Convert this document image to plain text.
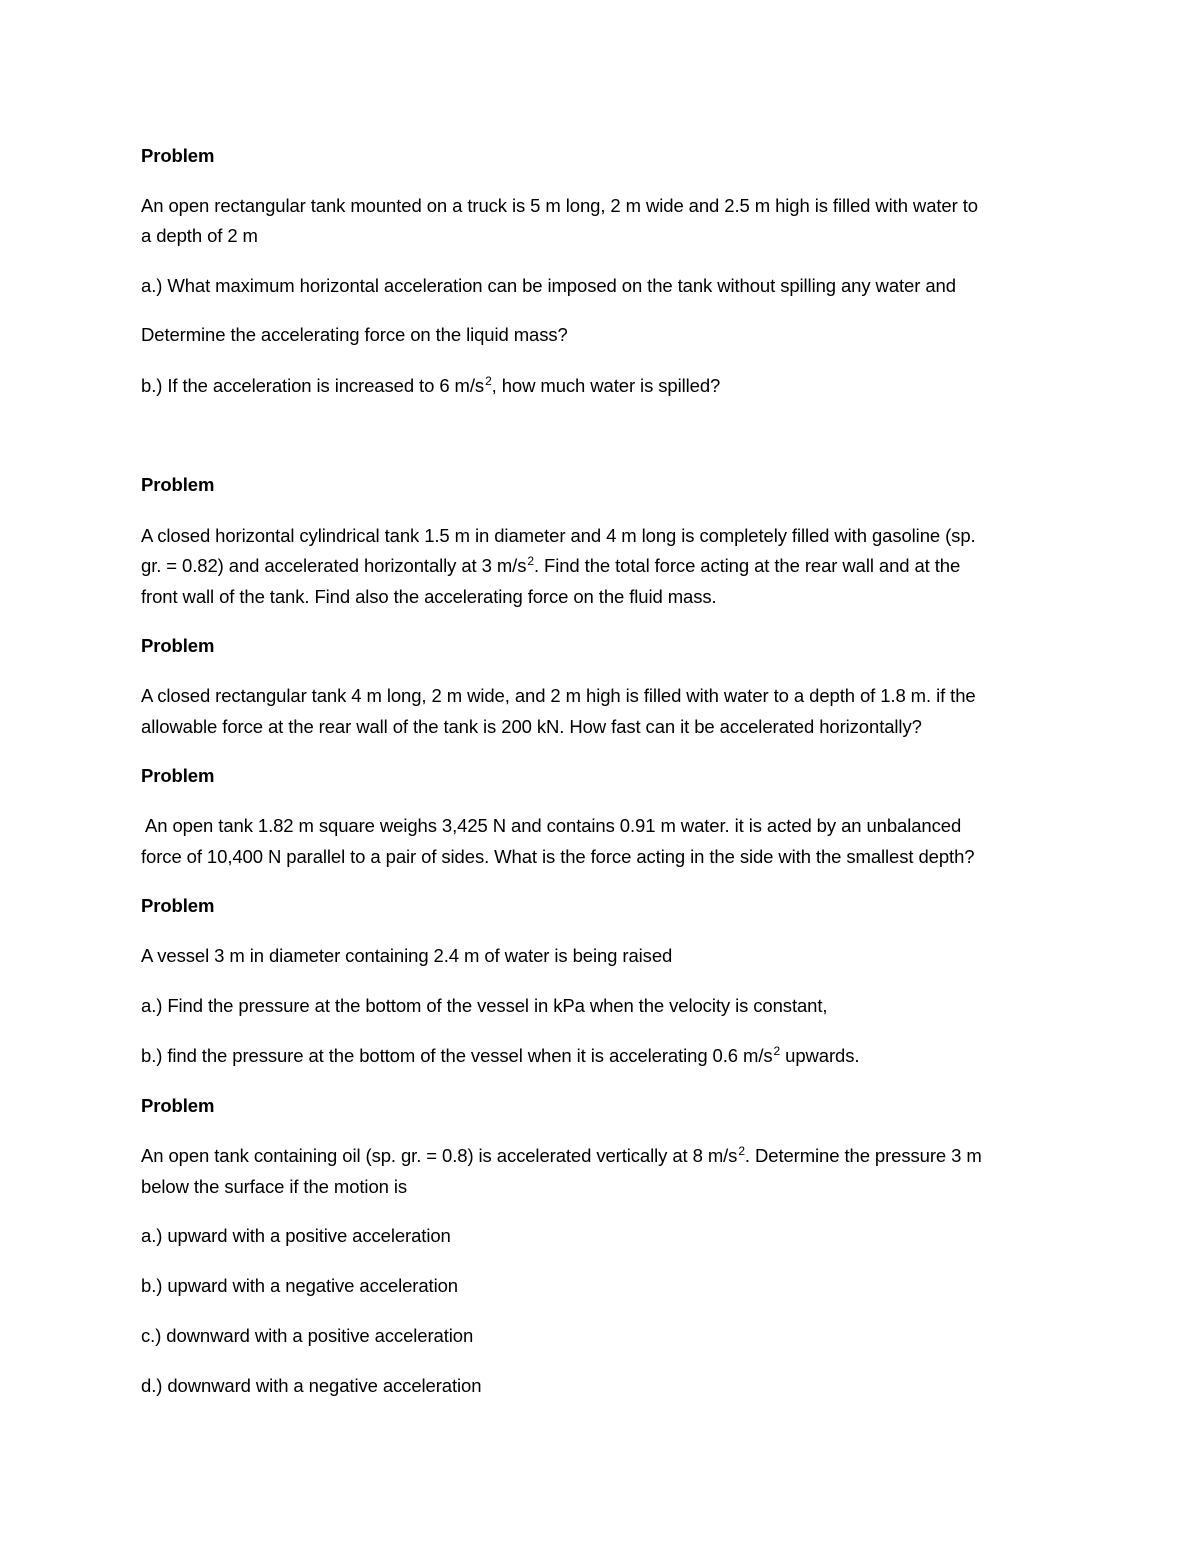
Problem
An open rectangular tank mounted on a truck is 5 m long, 2 m wide and 2.5 m high is filled with water to
a depth of 2 m
a.) What maximum horizontal acceleration can be imposed on the tank without spilling any water and
Determine the accelerating force on the liquid mass?
b.) If the acceleration is increased to 6 $m/s^2$, how much water is spilled?
Problem
A closed horizontal cylindrical tank 1.5 m in diameter and 4 m long is completely filled with gasoline (sp.
gr. = 0.82) and accelerated horizontally at 3 $m/s^2$. Find the total force acting at the rear wall and at the
front wall of the tank. Find also the accelerating force on the fluid mass.
Problem
A closed rectangular tank 4 m long, 2 m wide, and 2 m high is filled with water to a depth of 1.8 m. if the
allowable force at the rear wall of the tank is 200 kN. How fast can it be accelerated horizontally?
Problem
An open tank 1.82 m square weighs 3,425 N and contains 0.91 m water. it is acted by an unbalanced
force of 10,400 N parallel to a pair of sides. What is the force acting in the side with the smallest depth?
Problem
A vessel 3 m in diameter containing 2.4 m of water is being raised
a.) Find the pressure at the bottom of the vessel in kPa when the velocity is constant,
b.) find the pressure at the bottom of the vessel when it is accelerating 0.6 $m/s^2$ upwards.
Problem
An open tank containing oil (sp. gr. = 0.8) is accelerated vertically at 8 $m/s^2$. Determine the pressure 3 m
below the surface if the motion is
a.) upward with a positive acceleration
b.) upward with a negative acceleration
c.) downward with a positive acceleration
d.) downward with a negative acceleration
